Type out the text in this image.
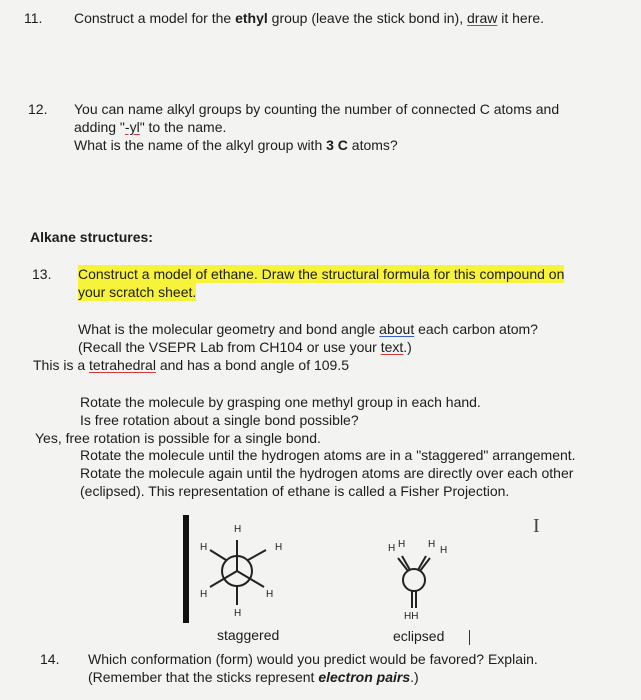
11. Construct a model for the ethyl group (leave the stick bond in), draw it here.
12. You can name alkyl groups by counting the number of connected C atoms and
adding "-yl" to the name.
What is the name of the alkyl group with 3 C atoms?
Alkane structures:
13. Construct a model of ethane. Draw the structural formula for this compound on
your scratch sheet.
What is the molecular geometry and bond angle about each carbon atom?
(Recall the VSEPR Lab from CH104 or use your text.)
This is a tetrahedral and has a bond angle of 109.5
Rotate the molecule by grasping one methyl group in each hand.
Is free rotation about a single bond possible?
Yes, free rotation is possible for a single bond.
Rotate the molecule until the hydrogen atoms are in a "staggered" arrangement.
Rotate the molecule again until the hydrogen atoms are directly over each other
(eclipsed). This representation of ethane is called a Fisher Projection.
I
H
H	H
H	H
H
H H H
H
HH
staggered	eclipsed
14. Which conformation (form) would you predict would be favored? Explain.
(Remember that the sticks represent electron pairs.)
